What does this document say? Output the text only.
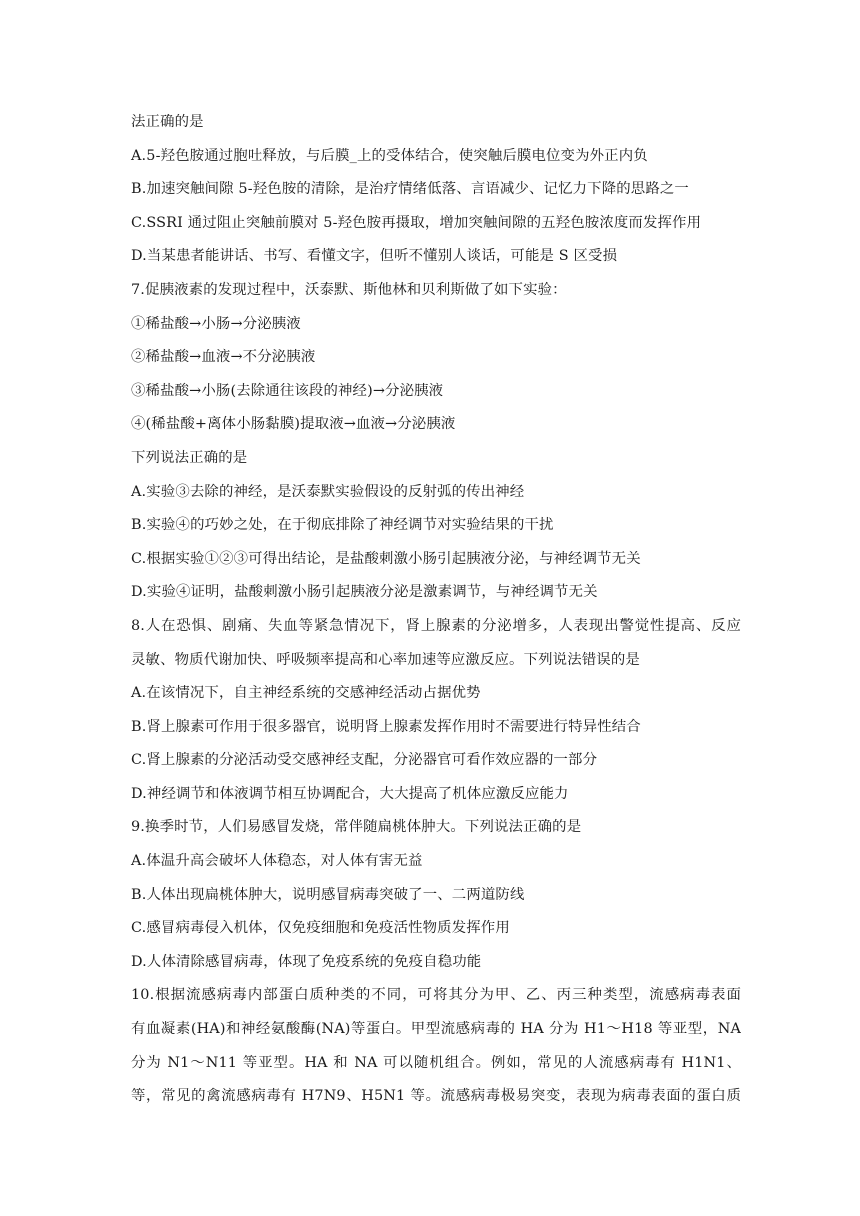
法正确的是
A.5-羟色胺通过胞吐释放，与后膜_上的受体结合，使突触后膜电位变为外正内负
B.加速突触间隙 5-羟色胺的清除，是治疗情绪低落、言语减少、记忆力下降的思路之一
C.SSRI 通过阻止突触前膜对 5-羟色胺再摄取，增加突触间隙的五羟色胺浓度而发挥作用
D.当某患者能讲话、书写、看懂文字，但听不懂别人谈话，可能是 S 区受损
7.促胰液素的发现过程中，沃泰默、斯他林和贝利斯做了如下实验：
①稀盐酸→小肠→分泌胰液
②稀盐酸→血液→不分泌胰液
③稀盐酸→小肠(去除通往该段的神经)→分泌胰液
④(稀盐酸+离体小肠黏膜)提取液→血液→分泌胰液
下列说法正确的是
A.实验③去除的神经，是沃泰默实验假设的反射弧的传出神经
B.实验④的巧妙之处，在于彻底排除了神经调节对实验结果的干扰
C.根据实验①②③可得出结论，是盐酸刺激小肠引起胰液分泌，与神经调节无关
D.实验④证明，盐酸刺激小肠引起胰液分泌是激素调节，与神经调节无关
8.人在恐惧、剧痛、失血等紧急情况下，肾上腺素的分泌增多，人表现出警觉性提高、反应
灵敏、物质代谢加快、呼吸频率提高和心率加速等应激反应。下列说法错误的是
A.在该情况下，自主神经系统的交感神经活动占据优势
B.肾上腺素可作用于很多器官，说明肾上腺素发挥作用时不需要进行特异性结合
C.肾上腺素的分泌活动受交感神经支配，分泌器官可看作效应器的一部分
D.神经调节和体液调节相互协调配合，大大提高了机体应激反应能力
9.换季时节，人们易感冒发烧，常伴随扁桃体肿大。下列说法正确的是
A.体温升高会破坏人体稳态，对人体有害无益
B.人体出现扁桃体肿大，说明感冒病毒突破了一、二两道防线
C.感冒病毒侵入机体，仅免疫细胞和免疫活性物质发挥作用
D.人体清除感冒病毒，体现了免疫系统的免疫自稳功能
10.根据流感病毒内部蛋白质种类的不同，可将其分为甲、乙、丙三种类型，流感病毒表面
有血凝素(HA)和神经氨酸酶(NA)等蛋白。甲型流感病毒的 HA 分为 H1～H18 等亚型，NA
分为 N1～N11 等亚型。HA 和 NA 可以随机组合。例如，常见的人流感病毒有 H1N1、
等，常见的禽流感病毒有 H7N9、H5N1 等。流感病毒极易突变，表现为病毒表面的蛋白质
